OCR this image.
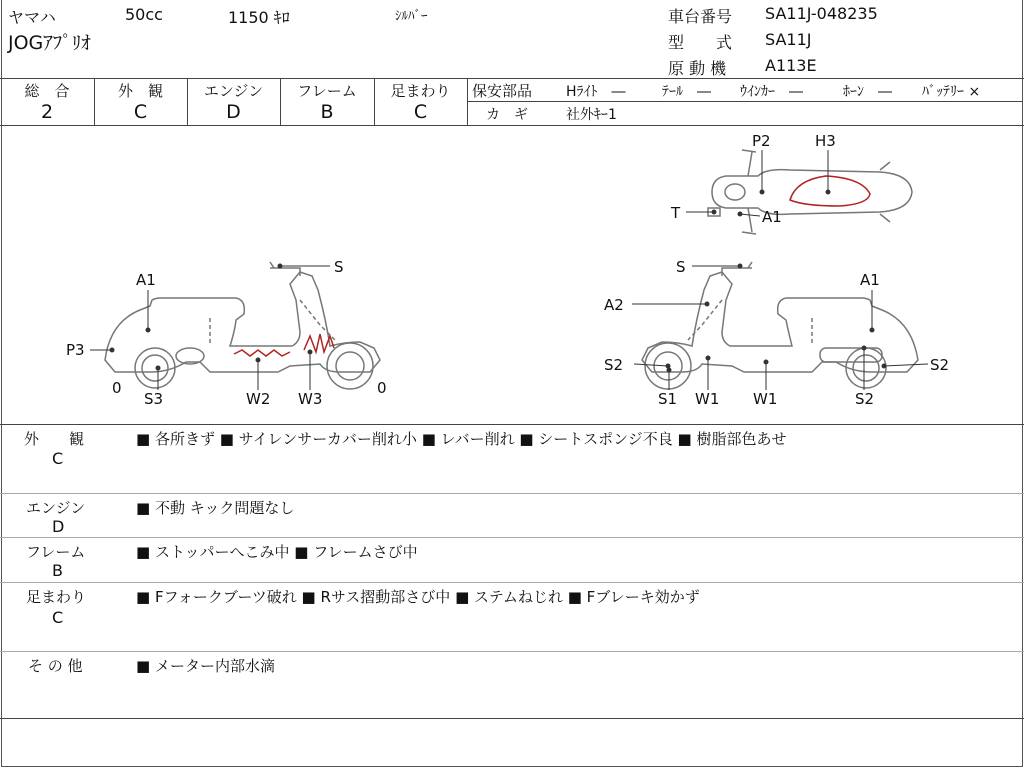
ヤマハ	50cc	1150 ｷﾛ	ｼﾙﾊﾞｰ
JOGｱﾌﾟﾘｵ
車台番号 SA11J-048235
型　　式 SA11J
原 動 機 A113E
総　合
2
外　観
C
エンジン
D
フレーム
B
足まわり
C
保安部品 Hﾗｲﾄ　―	ﾃｰﾙ　― ｳｲﾝｶｰ　―	ﾎｰﾝ　― ﾊﾞｯﾃﾘｰ ×
カ　ギ	社外ｷｰ1
A1
P3
S
S3	W2 W3
0	0
S
A1
A2
S2	S2
S1 W1 W1	S2
P2	H3
T	A1
外　　観
C
■ 各所きず ■ サイレンサーカバー削れ小 ■ レバー削れ ■ シートスポンジ不良 ■ 樹脂部色あせ
エンジン
D
■ 不動 キック問題なし
フレーム
B
■ ストッパーへこみ中 ■ フレームさび中
足まわり
C
■ Fフォークブーツ破れ ■ Rサス摺動部さび中 ■ ステムねじれ ■ Fブレーキ効かず
そ の 他	■ メーター内部水滴
